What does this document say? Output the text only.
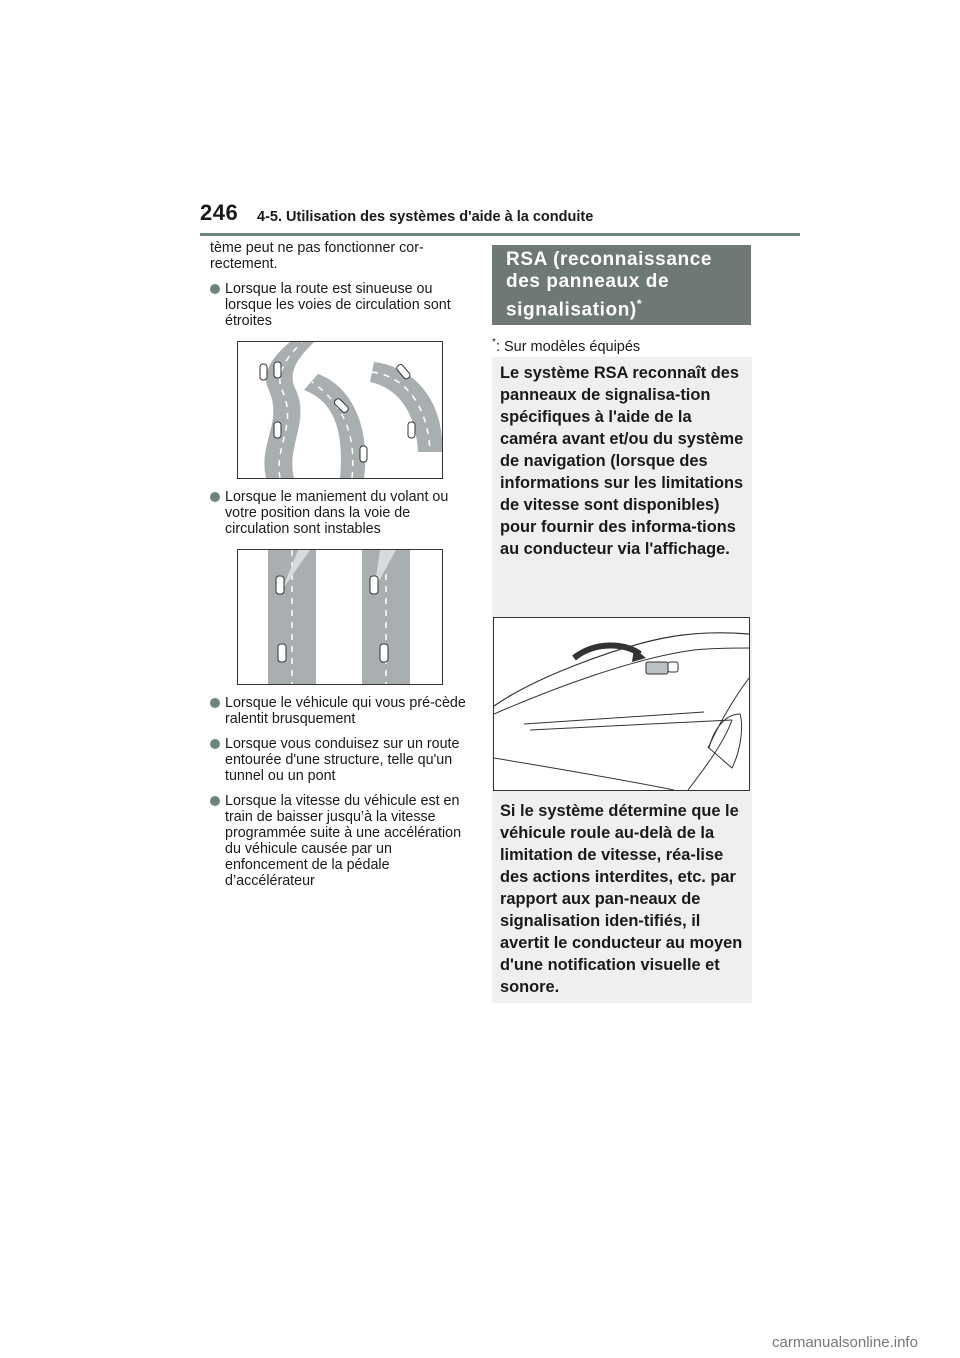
246 4-5. Utilisation des systèmes d'aide à la conduite

tème peut ne pas fonctionner cor-rectement.

Lorsque la route est sinueuse ou lorsque les voies de circulation sont étroites
Lorsque le maniement du volant ou votre position dans la voie de circulation sont instables
Lorsque le véhicule qui vous pré-cède ralentit brusquement
Lorsque vous conduisez sur un route entourée d'une structure, telle qu'un tunnel ou un pont
Lorsque la vitesse du véhicule est en train de baisser jusqu’à la vitesse programmée suite à une accélération du véhicule causée par un enfoncement de la pédale d’accélérateur
RSA (reconnaissance des panneaux de signalisation)*
*: Sur modèles équipés
Le système RSA reconnaît des panneaux de signalisa-tion spécifiques à l'aide de la caméra avant et/ou du système de navigation (lorsque des informations sur les limitations de vitesse sont disponibles) pour fournir des informa-tions au conducteur via l'affichage.
Si le système détermine que le véhicule roule au-delà de la limitation de vitesse, réa-lise des actions interdites, etc. par rapport aux pan-neaux de signalisation iden-tifiés, il avertit le conducteur au moyen d'une notification visuelle et sonore.
carmanualsonline.info
